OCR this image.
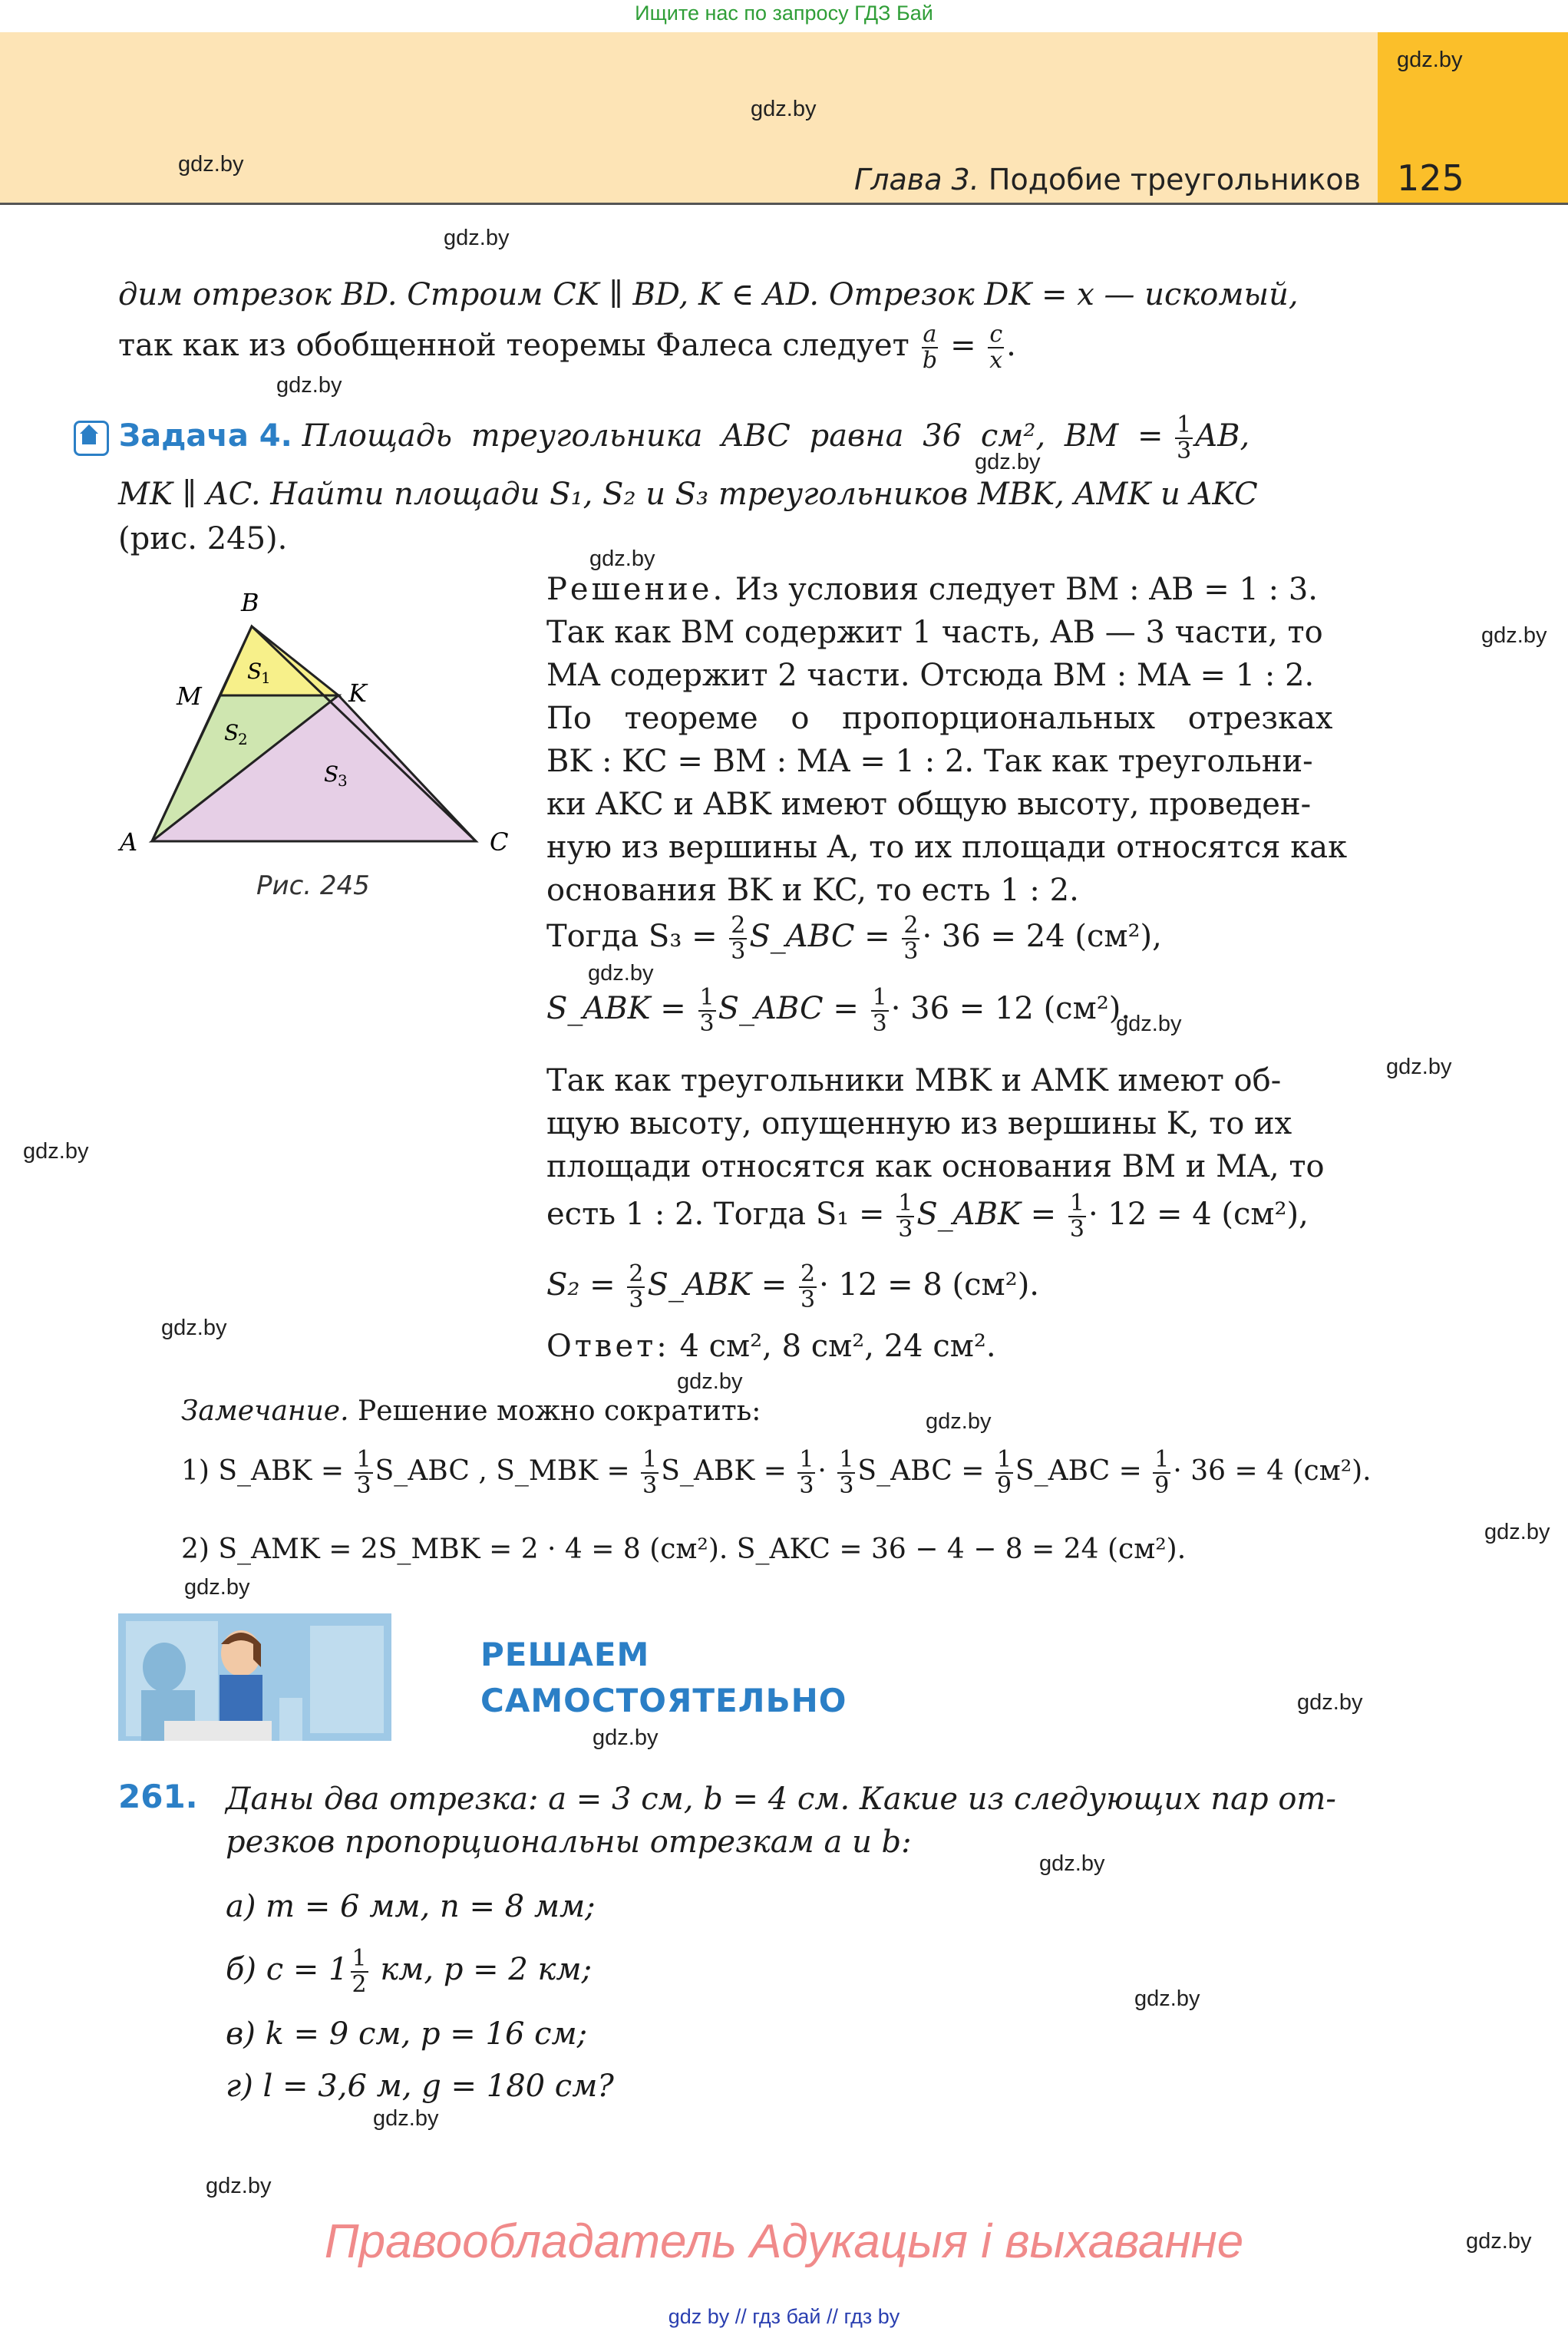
Ищите нас по запросу ГДЗ Бай
Глава 3. Подобие треугольников 125
gdz.by
gdz.by
gdz.by
gdz.by
gdz.by
gdz.by
gdz.by
gdz.by
gdz.by
gdz.by
gdz.by
gdz.by
gdz.by
gdz.by
gdz.by
gdz.by
gdz.by
gdz.by
gdz.by
gdz.by
gdz.by
gdz.by
gdz.by
gdz.by
дим отрезок BD. Строим CK ∥ BD, K ∈ AD. Отрезок DK = x — искомый,
так как из обобщенной теоремы Фалеса следует $\frac{a}{b} = \frac{c}{x}$ .
Задача 4. Площадь треугольника ABC равна 36 см², BM = $\frac{1}{3}$ AB,
MK ∥ AC. Найти площади S₁, S₂ и S₃ треугольников MBK, AMK и AKC
(рис. 245).
B
M	K
A	C
S
1
S
2
S
3
Рис. 245
Решение. Из условия следует BM : AB = 1 : 3.
Так как BM содержит 1 часть, AB — 3 части, то
MA содержит 2 части. Отсюда BM : MA = 1 : 2.
По теореме о пропорциональных отрезках
BK : KC = BM : MA = 1 : 2. Так как треугольни-
ки AKC и ABK имеют общую высоту, проведен-
ную из вершины A, то их площади относятся как
основания BK и KC, то есть 1 : 2.
Тогда $S_3 = \frac{2}{3}$ S_ABC = $\frac{2}{3} \cdot 36 = 24$ (см²),
S_ABK = $\frac{1}{3}$ S_ABC = $\frac{1}{3} \cdot 36 = 12$ (см²).
Так как треугольники MBK и AMK имеют об-
щую высоту, опущенную из вершины K, то их
площади относятся как основания BM и MA, то
есть 1 : 2. Тогда $S_1 = \frac{1}{3}$ S_ABK = $\frac{1}{3} \cdot 12 = 4$ (см²),
$S_2 = \frac{2}{3}$ S_ABK = $\frac{2}{3} \cdot 12 = 8$ (см²).
Ответ: 4 см², 8 см², 24 см².
Замечание. Решение можно сократить:
1) S_ABK = $\frac{1}{3}$ S_ABC , S_MBK = $\frac{1}{3}$ S_ABK = $\frac{1}{3} \cdot \frac{1}{3}$ S_ABC = $\frac{1}{9}$ S_ABC = $\frac{1}{9} \cdot 36 = 4$ (см²).
2) S_AMK = 2S_MBK = 2 · 4 = 8 (см²). S_AKC = 36 − 4 − 8 = 24 (см²).
РЕШАЕМ
САМОСТОЯТЕЛЬНО
261. Даны два отрезка: a = 3 см, b = 4 см. Какие из следующих пар от-
резков пропорциональны отрезкам a и b:
а) m = 6 мм, n = 8 мм;
б) $c = 1 \frac{1}{2}$ км, p = 2 км;
в) k = 9 см, p = 16 см;
г) l = 3,6 м, g = 180 см?
Правообладатель Адукацыя і выхаванне
gdz by // гдз бай // гдз by
